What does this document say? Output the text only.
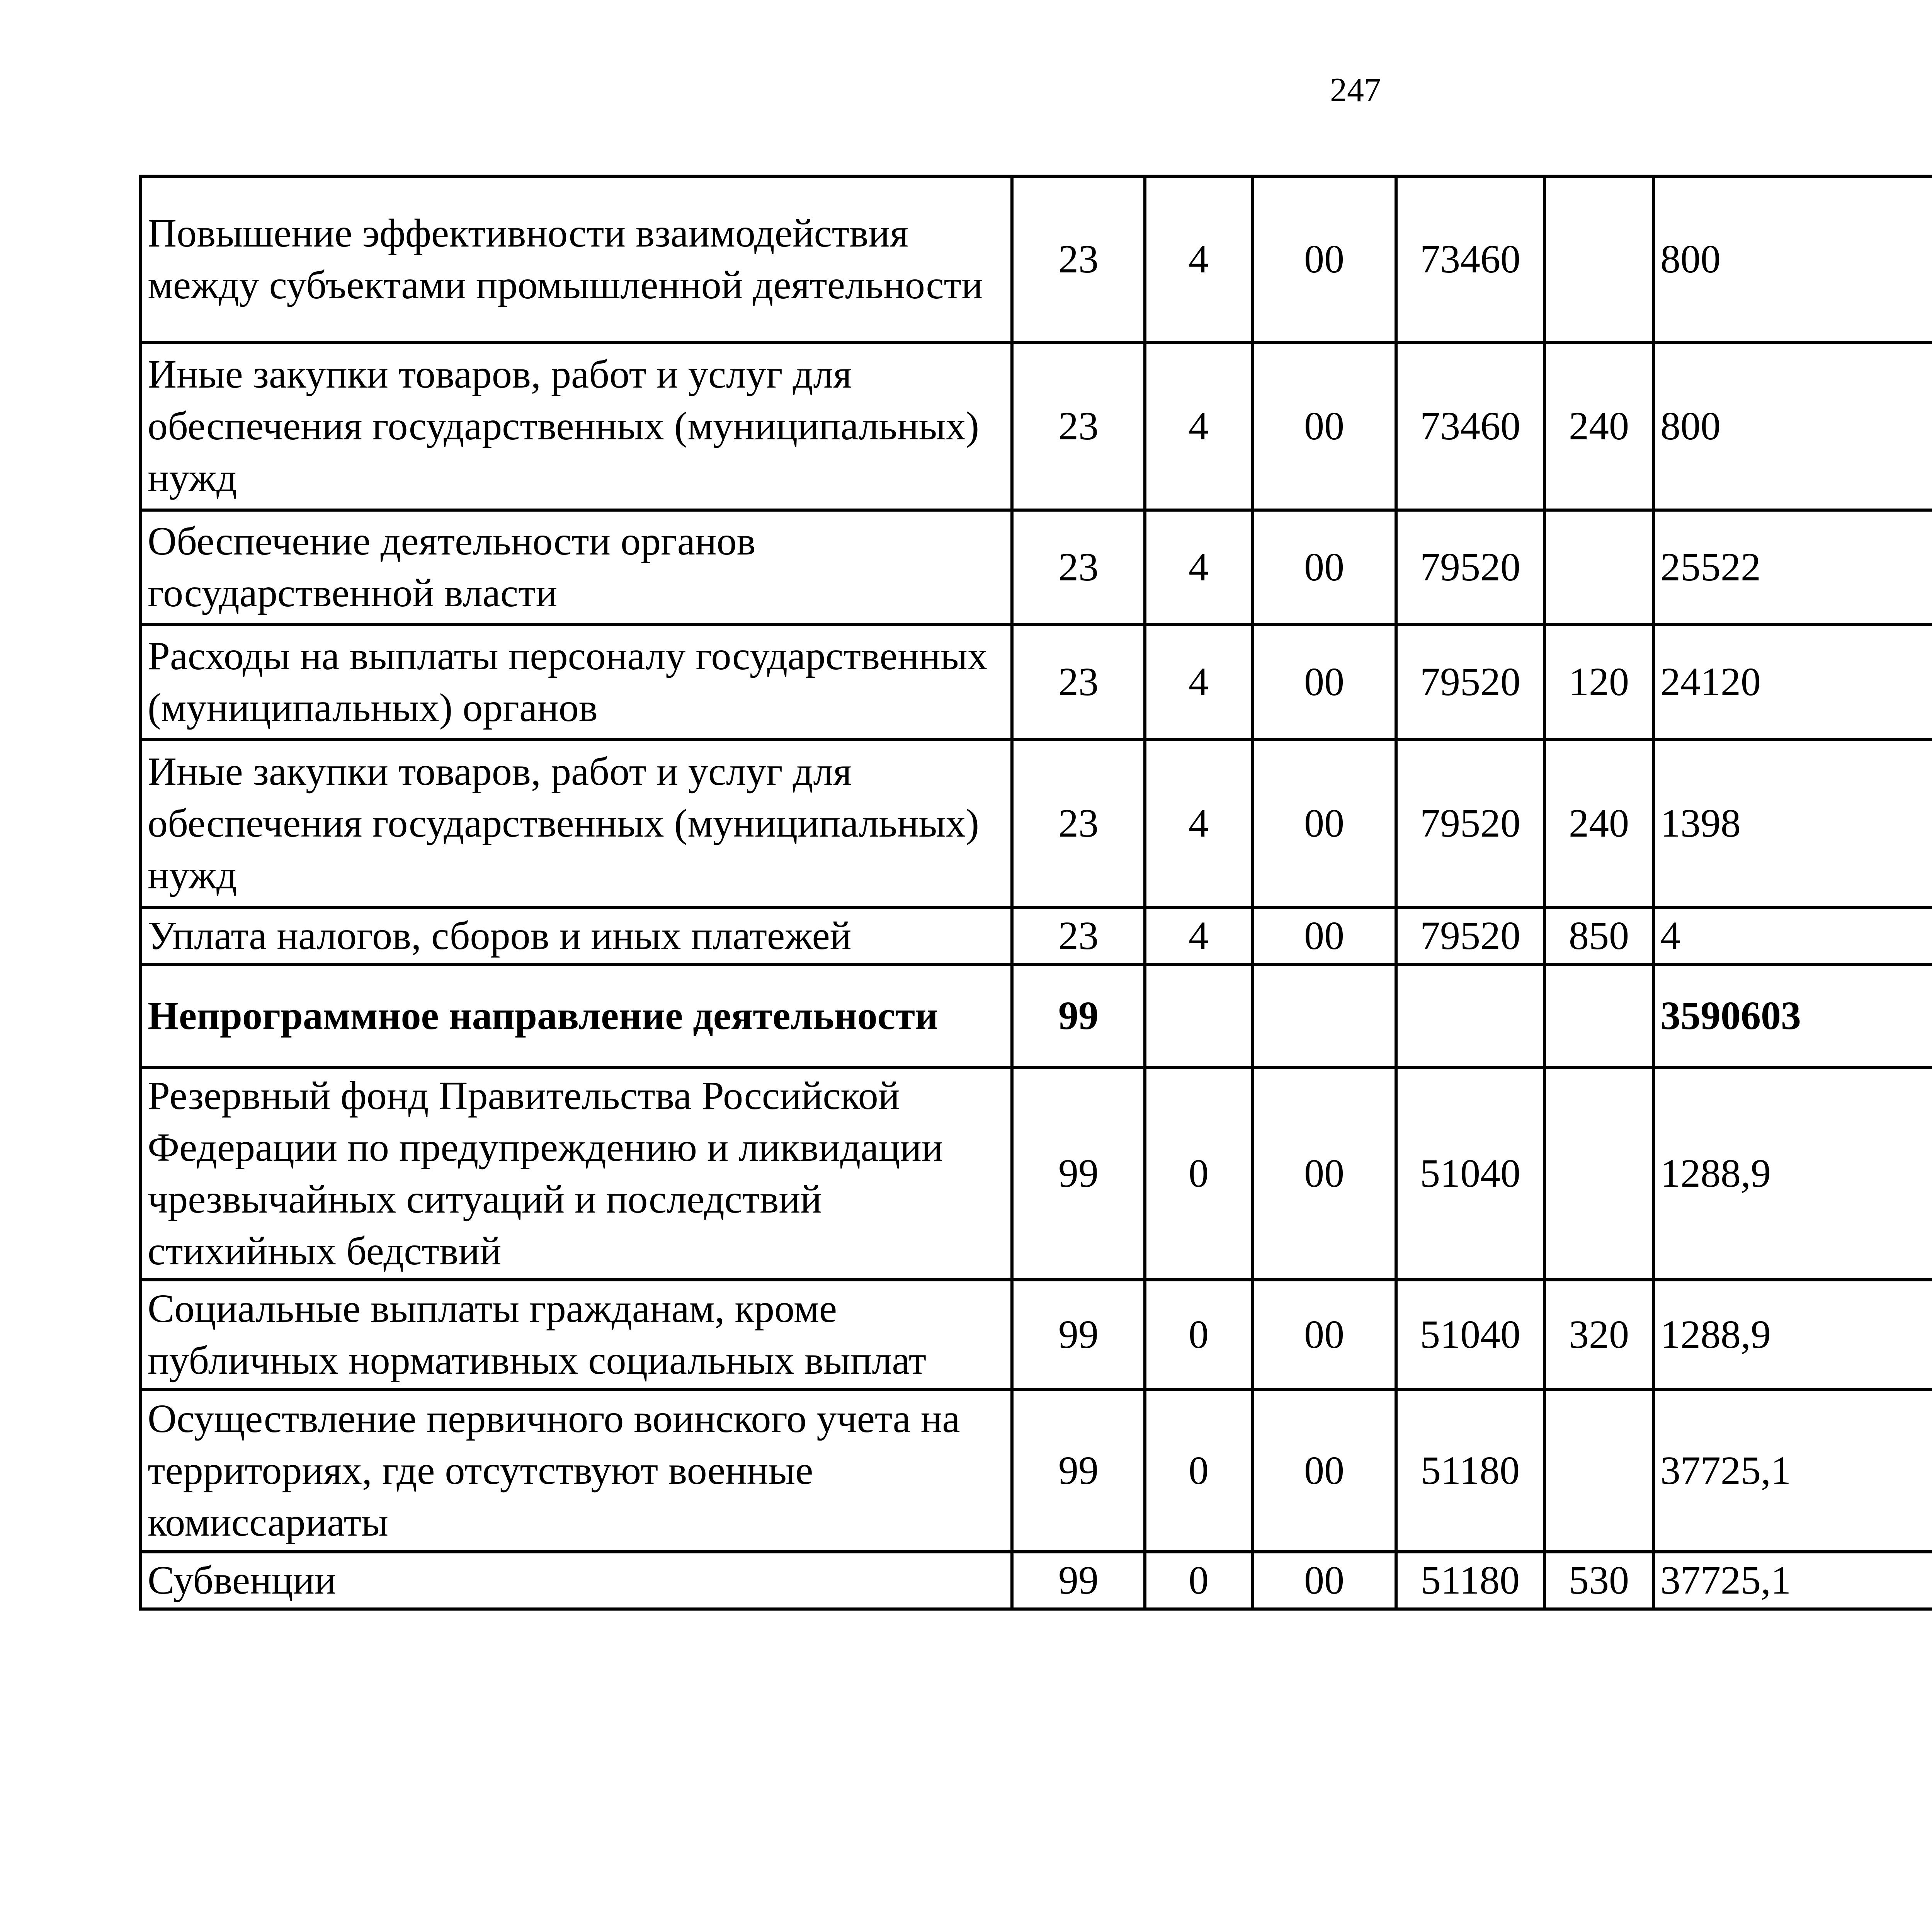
247
Повышение эффективности взаимодействия между субъектами промышленной деятельности	23	4	00	73460		800		
Иные закупки товаров, работ и услуг для обеспечения государственных (муниципальных) нужд	23	4	00	73460	240	800		
Обеспечение деятельности органов государственной власти	23	4	00	79520		25522		
Расходы на выплаты персоналу государственных (муниципальных) органов	23	4	00	79520	120	24120		
Иные закупки товаров, работ и услуг для обеспечения государственных (муниципальных) нужд	23	4	00	79520	240	1398		
Уплата налогов, сборов и иных платежей	23	4	00	79520	850	4		
Непрограммное направление деятельности	99					3590603		
Резервный фонд Правительства Российской Федерации по предупреждению и ликвидации чрезвычайных ситуаций и последствий стихийных бедствий	99	0	00	51040		1288,9		
Социальные выплаты гражданам, кроме публичных нормативных социальных выплат	99	0	00	51040	320	1288,9		
Осуществление первичного воинского учета на территориях, где отсутствуют военные комиссариаты	99	0	00	51180		37725,1		
Субвенции	99	0	00	51180	530	37725,1		
